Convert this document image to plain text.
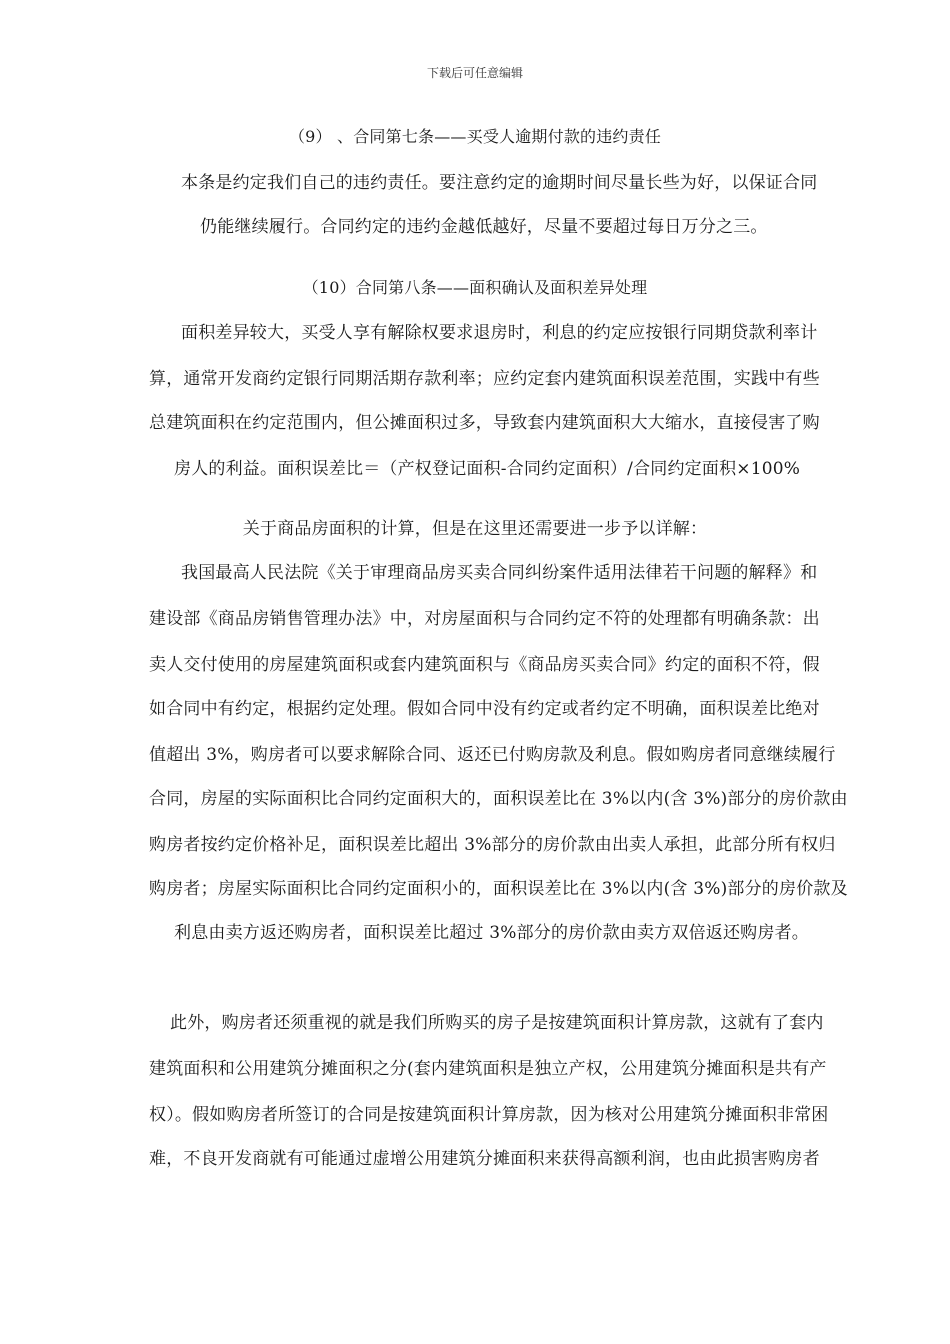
下载后可任意编辑
（9） 、合同第七条——买受人逾期付款的违约责任
本条是约定我们自己的违约责任。要注意约定的逾期时间尽量长些为好，以保证合同
仍能继续履行。合同约定的违约金越低越好，尽量不要超过每日万分之三。
（10）合同第八条——面积确认及面积差异处理
面积差异较大，买受人享有解除权要求退房时，利息的约定应按银行同期贷款利率计
算，通常开发商约定银行同期活期存款利率；应约定套内建筑面积误差范围，实践中有些
总建筑面积在约定范围内，但公摊面积过多，导致套内建筑面积大大缩水，直接侵害了购
房人的利益。面积误差比＝（产权登记面积-合同约定面积）/合同约定面积×100%
关于商品房面积的计算，但是在这里还需要进一步予以详解：
我国最高人民法院《关于审理商品房买卖合同纠纷案件适用法律若干问题的解释》和
建设部《商品房销售管理办法》中，对房屋面积与合同约定不符的处理都有明确条款：出
卖人交付使用的房屋建筑面积或套内建筑面积与《商品房买卖合同》约定的面积不符，假
如合同中有约定，根据约定处理。假如合同中没有约定或者约定不明确，面积误差比绝对
值超出 3%，购房者可以要求解除合同、返还已付购房款及利息。假如购房者同意继续履行
合同，房屋的实际面积比合同约定面积大的，面积误差比在 3%以内(含 3%)部分的房价款由
购房者按约定价格补足，面积误差比超出 3%部分的房价款由出卖人承担，此部分所有权归
购房者；房屋实际面积比合同约定面积小的，面积误差比在 3%以内(含 3%)部分的房价款及
利息由卖方返还购房者，面积误差比超过 3%部分的房价款由卖方双倍返还购房者。
此外，购房者还须重视的就是我们所购买的房子是按建筑面积计算房款，这就有了套内
建筑面积和公用建筑分摊面积之分(套内建筑面积是独立产权，公用建筑分摊面积是共有产
权）。假如购房者所签订的合同是按建筑面积计算房款，因为核对公用建筑分摊面积非常困
难，不良开发商就有可能通过虚增公用建筑分摊面积来获得高额利润，也由此损害购房者
